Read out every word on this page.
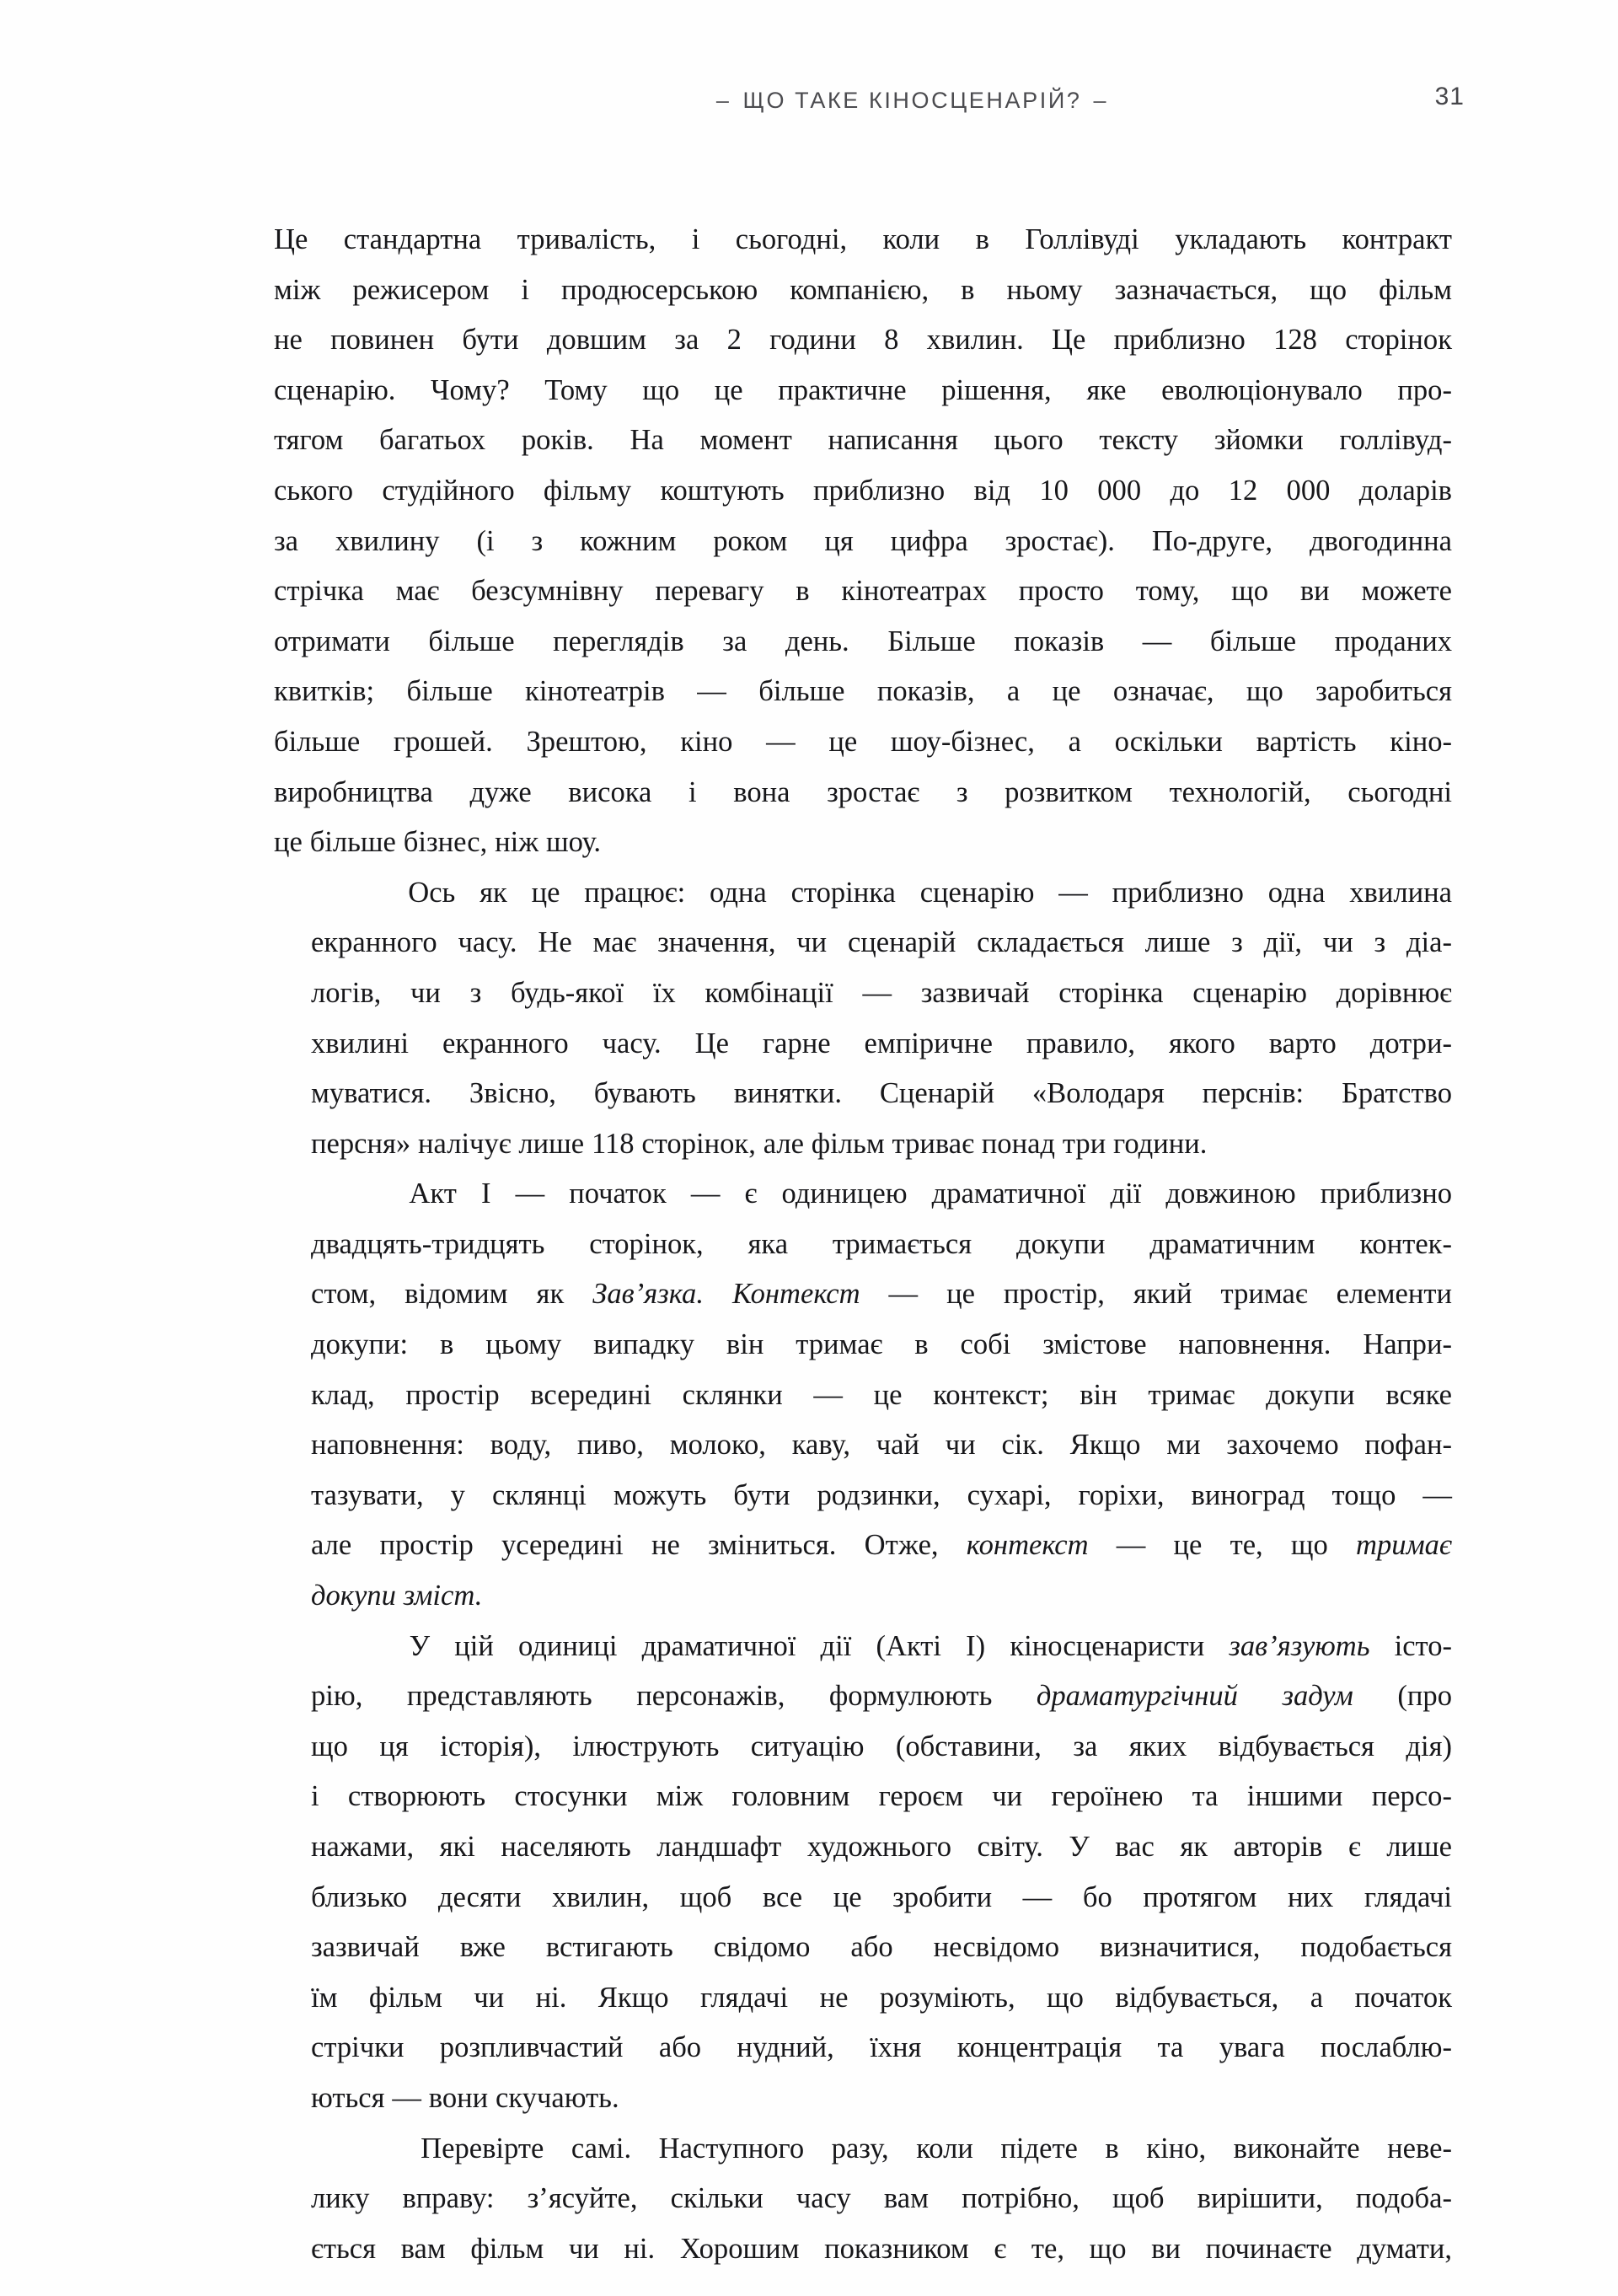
– ЩО ТАКЕ КІНОСЦЕНАРІЙ? –	31

Це стандартна тривалість, і сьогодні, коли в Голлівуді укладають контракт
між режисером і продюсерською компанією, в ньому зазначається, що фільм
не повинен бути довшим за 2 години 8 хвилин. Це приблизно 128 сторінок
сценарію. Чому? Тому що це практичне рішення, яке еволюціонувало про-
тягом багатьох років. На момент написання цього тексту зйомки голлівуд-
ського студійного фільму коштують приблизно від 10 000 до 12 000 доларів
за хвилину (і з кожним роком ця цифра зростає). По-друге, двогодинна
стрічка має безсумнівну перевагу в кінотеатрах просто тому, що ви можете
отримати більше переглядів за день. Більше показів — більше проданих
квитків; більше кінотеатрів — більше показів, а це означає, що заробиться
більше грошей. Зрештою, кіно — це шоу-бізнес, а оскільки вартість кіно-
виробництва дуже висока і вона зростає з розвитком технологій, сьогодні
це більше бізнес, ніж шоу.

Ось як це працює: одна сторінка сценарію — приблизно одна хвилина
екранного часу. Не має значення, чи сценарій складається лише з дії, чи з діа-
логів, чи з будь-якої їх комбінації — зазвичай сторінка сценарію дорівнює
хвилині екранного часу. Це гарне емпіричне правило, якого варто дотри-
муватися. Звісно, бувають винятки. Сценарій «Володаря перснів: Братство
персня» налічує лише 118 сторінок, але фільм триває понад три години.

Акт I — початок — є одиницею драматичної дії довжиною приблизно
двадцять-тридцять сторінок, яка тримається докупи драматичним контек-
стом, відомим як Зав’язка. Контекст — це простір, який тримає елементи
докупи: в цьому випадку він тримає в собі змістове наповнення. Напри-
клад, простір всередині склянки — це контекст; він тримає докупи всяке
наповнення: воду, пиво, молоко, каву, чай чи сік. Якщо ми захочемо пофан-
тазувати, у склянці можуть бути родзинки, сухарі, горіхи, виноград тощо —
але простір усередині не зміниться. Отже, контекст — це те, що тримає
докупи зміст.

У цій одиниці драматичної дії (Акті I) кіносценаристи зав’язують істо-
рію, представляють персонажів, формулюють драматургічний задум (про
що ця історія), ілюструють ситуацію (обставини, за яких відбувається дія)
і створюють стосунки між головним героєм чи героїнею та іншими персо-
нажами, які населяють ландшафт художнього світу. У вас як авторів є лише
близько десяти хвилин, щоб все це зробити — бо протягом них глядачі
зазвичай вже встигають свідомо або несвідомо визначитися, подобається
їм фільм чи ні. Якщо глядачі не розуміють, що відбувається, а початок
стрічки розпливчастий або нудний, їхня концентрація та увага послаблю-
ються — вони скучають.

Перевірте самі. Наступного разу, коли підете в кіно, виконайте неве-
лику вправу: з’ясуйте, скільки часу вам потрібно, щоб вирішити, подоба-
ється вам фільм чи ні. Хорошим показником є те, що ви починаєте думати,
